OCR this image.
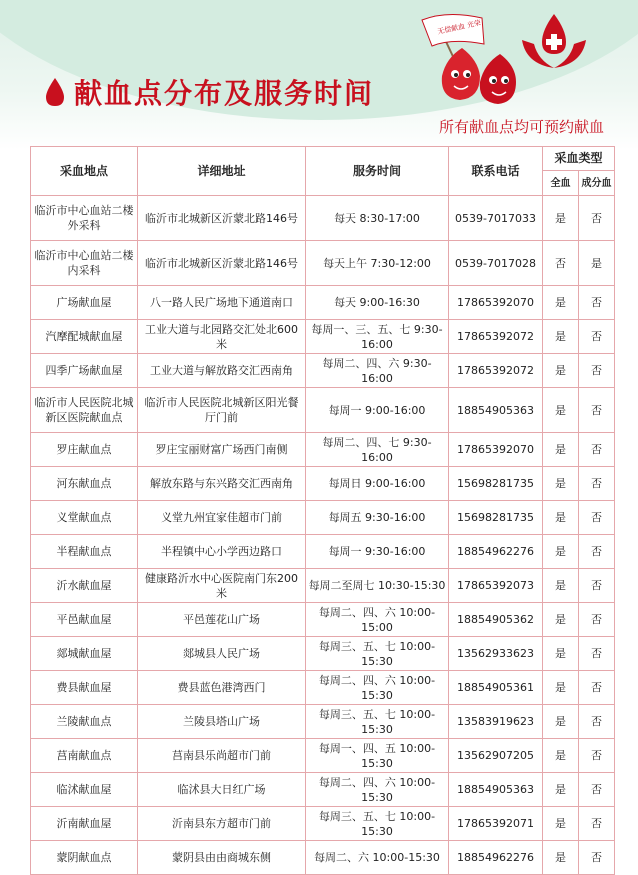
无偿献血 光荣
献血点分布及服务时间
所有献血点均可预约献血
采血地点	详细地址	服务时间	联系电话	采血类型	
				全血	成分血
临沂市中心血站二楼外采科	临沂市北城新区沂蒙北路146号	每天 8:30-17:00	0539-7017033	是	否
临沂市中心血站二楼内采科	临沂市北城新区沂蒙北路146号	每天上午 7:30-12:00	0539-7017028	否	是
广场献血屋	八一路人民广场地下通道南口	每天 9:00-16:30	17865392070	是	否
汽摩配城献血屋	工业大道与北园路交汇处北600米	每周一、三、五、七 9:30-16:00	17865392072	是	否
四季广场献血屋	工业大道与解放路交汇西南角	每周二、四、六 9:30-16:00	17865392072	是	否
临沂市人民医院北城新区医院献血点	临沂市人民医院北城新区阳光餐厅门前	每周一 9:00-16:00	18854905363	是	否
罗庄献血点	罗庄宝丽财富广场西门南侧	每周二、四、七 9:30-16:00	17865392070	是	否
河东献血点	解放东路与东兴路交汇西南角	每周日 9:00-16:00	15698281735	是	否
义堂献血点	义堂九州宜家佳超市门前	每周五 9:30-16:00	15698281735	是	否
半程献血点	半程镇中心小学西边路口	每周一 9:30-16:00	18854962276	是	否
沂水献血屋	健康路沂水中心医院南门东200米	每周二至周七 10:30-15:30	17865392073	是	否
平邑献血屋	平邑莲花山广场	每周二、四、六 10:00-15:00	18854905362	是	否
郯城献血屋	郯城县人民广场	每周三、五、七 10:00-15:30	13562933623	是	否
费县献血屋	费县蓝色港湾西门	每周二、四、六 10:00-15:30	18854905361	是	否
兰陵献血点	兰陵县塔山广场	每周三、五、七 10:00-15:30	13583919623	是	否
莒南献血点	莒南县乐尚超市门前	每周一、四、五 10:00-15:30	13562907205	是	否
临沭献血屋	临沭县大日红广场	每周二、四、六 10:00-15:30	18854905363	是	否
沂南献血屋	沂南县东方超市门前	每周三、五、七 10:00-15:30	17865392071	是	否
蒙阴献血点	蒙阴县由由商城东侧	每周二、六 10:00-15:30	18854962276	是	否
